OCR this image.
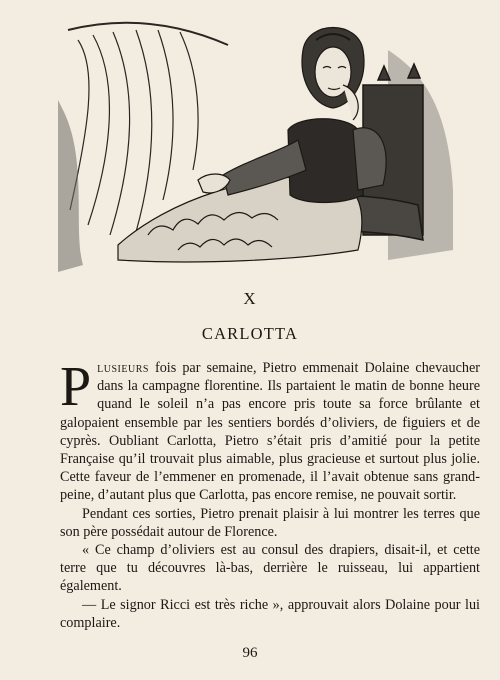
X
CARLOTTA

Plusieurs fois par semaine, Pietro emmenait Dolaine chevaucher dans la campagne florentine. Ils partaient le matin de bonne heure quand le soleil n’a pas encore pris toute sa force brûlante et galopaient ensemble par les sentiers bordés d’oliviers, de figuiers et de cyprès. Oubliant Carlotta, Pietro s’était pris d’amitié pour la petite Française qu’il trouvait plus aimable, plus gracieuse et surtout plus jolie. Cette faveur de l’emmener en promenade, il l’avait obtenue sans grand-peine, d’autant plus que Carlotta, pas encore remise, ne pouvait sortir.

Pendant ces sorties, Pietro prenait plaisir à lui montrer les terres que son père possédait autour de Florence.

« Ce champ d’oliviers est au consul des drapiers, disait-il, et cette terre que tu découvres là-bas, derrière le ruisseau, lui appartient également.

— Le signor Ricci est très riche », approuvait alors Dolaine pour lui complaire.

96
